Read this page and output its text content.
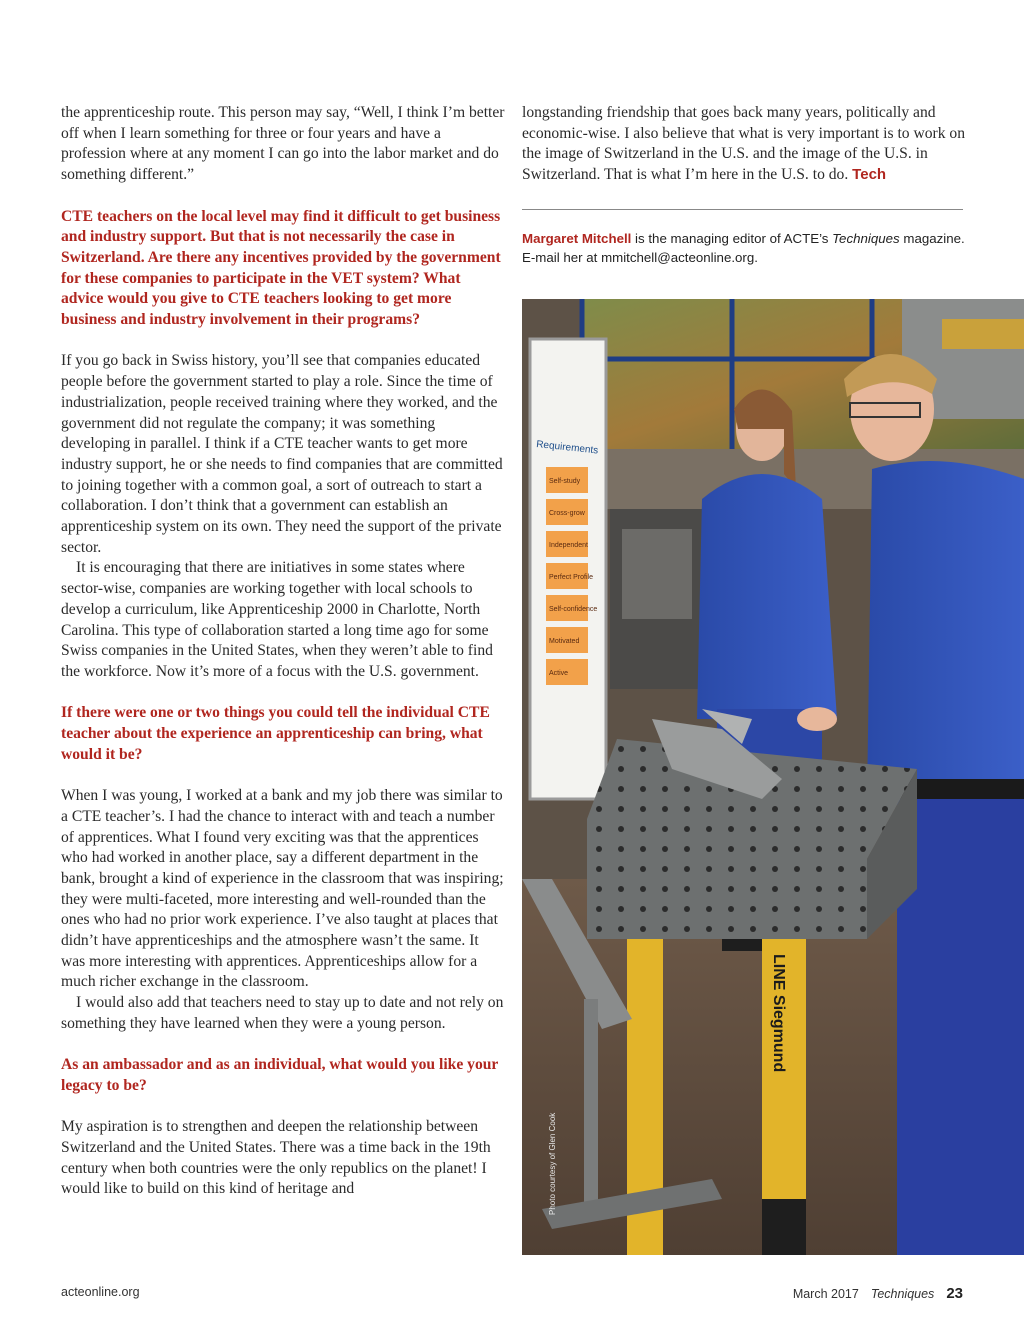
the apprenticeship route. This person may say, “Well, I think I’m better off when I learn something for three or four years and have a profession where at any moment I can go into the labor market and do something different.”

CTE teachers on the local level may find it difficult to get business and industry support. But that is not necessarily the case in Switzerland. Are there any incentives provided by the government for these companies to participate in the VET system? What advice would you give to CTE teachers looking to get more business and industry involvement in their programs?

If you go back in Swiss history, you’ll see that companies educated people before the government started to play a role. Since the time of industrialization, people received training where they worked, and the government did not regulate the company; it was something developing in parallel. I think if a CTE teacher wants to get more industry support, he or she needs to find companies that are committed to joining together with a common goal, a sort of outreach to start a collaboration. I don’t think that a government can establish an apprenticeship system on its own. They need the support of the private sector.

It is encouraging that there are initiatives in some states where sector-wise, companies are working together with local schools to develop a curriculum, like Apprenticeship 2000 in Charlotte, North Carolina. This type of collaboration started a long time ago for some Swiss companies in the United States, when they weren’t able to find the workforce. Now it’s more of a focus with the U.S. government.

If there were one or two things you could tell the individual CTE teacher about the experience an apprenticeship can bring, what would it be?

When I was young, I worked at a bank and my job there was similar to a CTE teacher’s. I had the chance to interact with and teach a number of apprentices. What I found very exciting was that the apprentices who had worked in another place, say a different department in the bank, brought a kind of experience in the classroom that was inspiring; they were multi-faceted, more interesting and well-rounded than the ones who had no prior work experience. I’ve also taught at places that didn’t have apprenticeships and the atmosphere wasn’t the same. It was more interesting with apprentices. Apprenticeships allow for a much richer exchange in the classroom.

I would also add that teachers need to stay up to date and not rely on something they have learned when they were a young person.

As an ambassador and as an individual, what would you like your legacy to be?

My aspiration is to strengthen and deepen the relationship between Switzerland and the United States. There was a time back in the 19th century when both countries were the only republics on the planet! I would like to build on this kind of heritage and

longstanding friendship that goes back many years, politically and economic-wise. I also believe that what is very important is to work on the image of Switzerland in the U.S. and the image of the U.S. in Switzerland. That is what I’m here in the U.S. to do. Tech

Margaret Mitchell is the managing editor of ACTE’s Techniques magazine. E-mail her at mmitchell@acteonline.org.
Requirements
Self-study
Cross-grow
Independent
Perfect Profile
Self-confidence
Motivated
Active
LINE Siegmund
Photo courtesy of Glen Cook
acteonline.org	March 2017 Techniques 23
